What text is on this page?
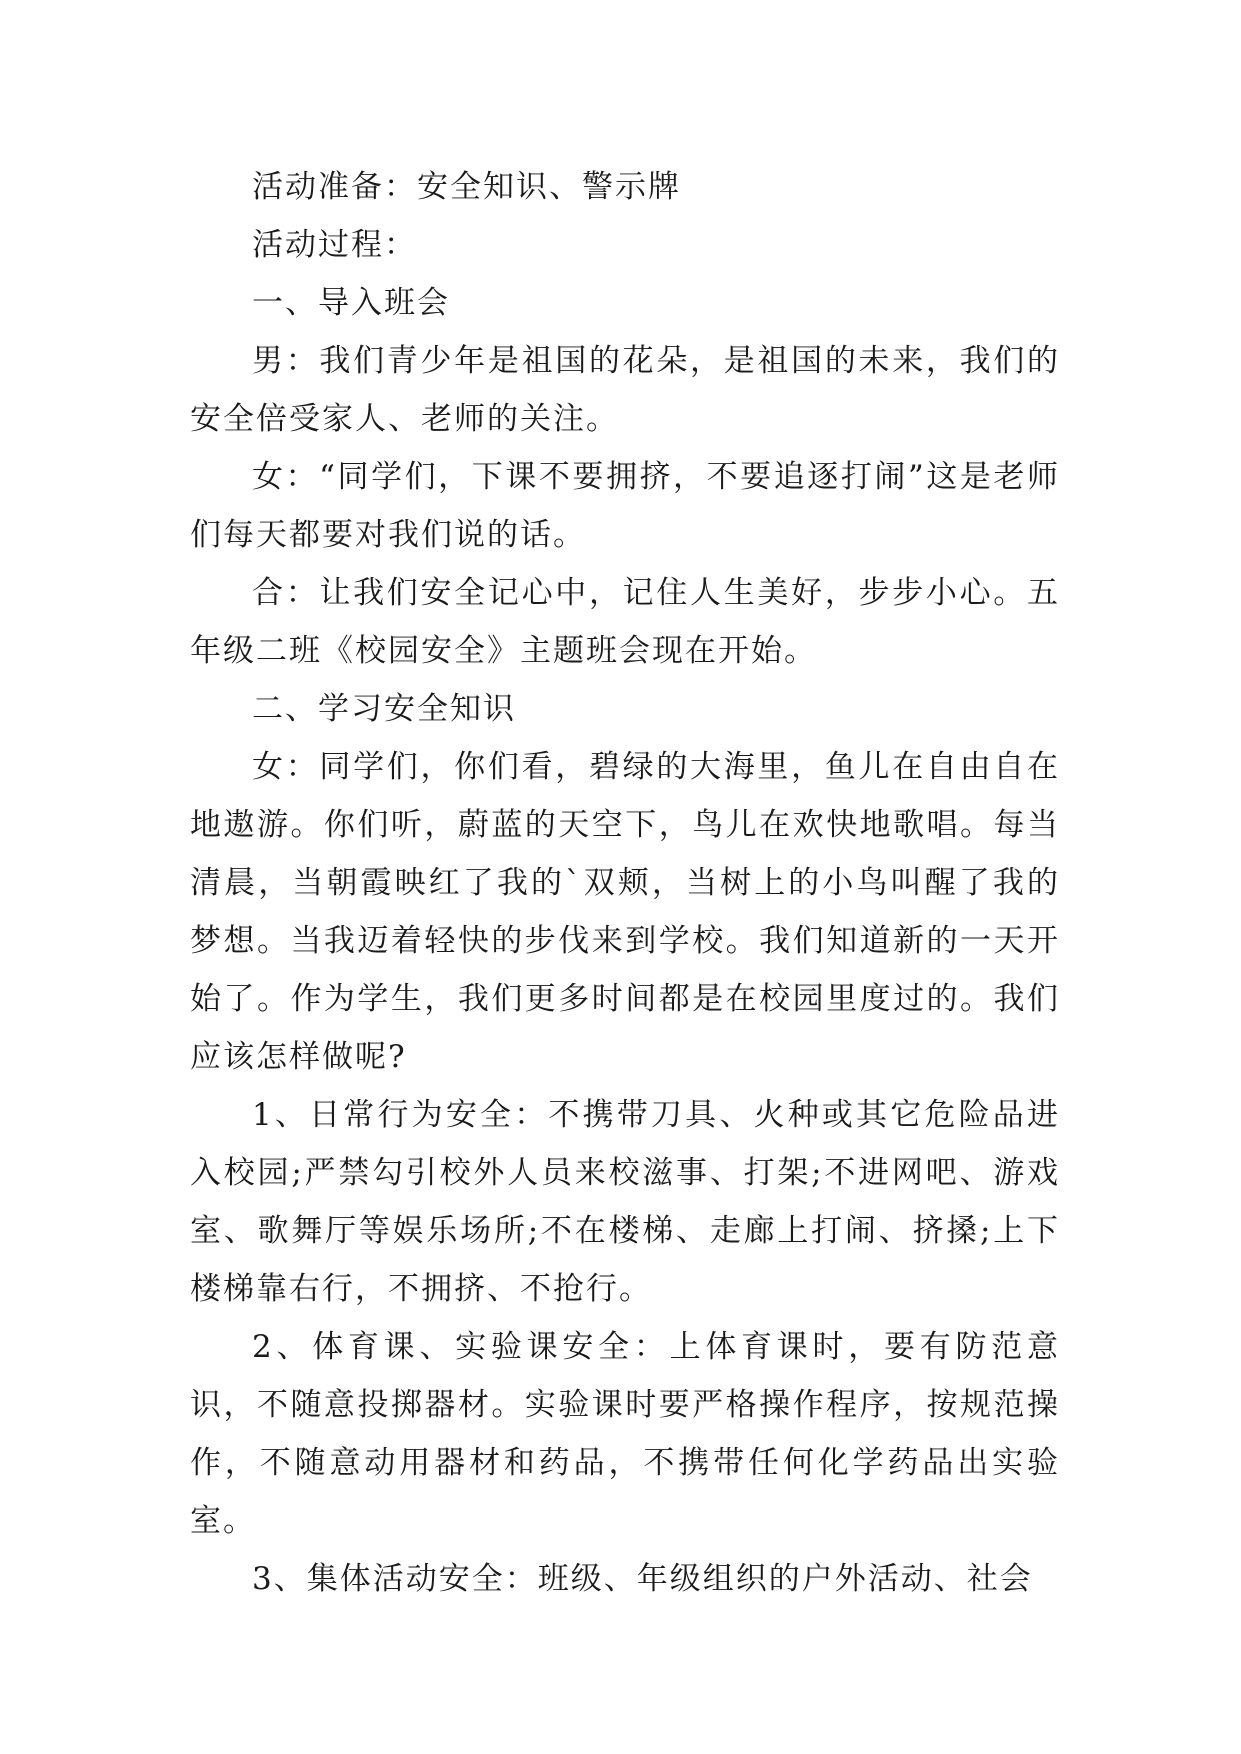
活动准备：安全知识、警示牌

活动过程：

一、导入班会

男：我们青少年是祖国的花朵，是祖国的未来，我们的安全倍受家人、老师的关注。

女：“同学们，下课不要拥挤，不要追逐打闹”这是老师们每天都要对我们说的话。

合：让我们安全记心中，记住人生美好，步步小心。五年级二班《校园安全》主题班会现在开始。

二、学习安全知识

女：同学们，你们看，碧绿的大海里，鱼儿在自由自在地遨游。你们听，蔚蓝的天空下，鸟儿在欢快地歌唱。每当清晨，当朝霞映红了我的`双颊，当树上的小鸟叫醒了我的梦想。当我迈着轻快的步伐来到学校。我们知道新的一天开始了。作为学生，我们更多时间都是在校园里度过的。我们应该怎样做呢?

1、日常行为安全：不携带刀具、火种或其它危险品进入校园;严禁勾引校外人员来校滋事、打架;不进网吧、游戏室、歌舞厅等娱乐场所;不在楼梯、走廊上打闹、挤搡;上下楼梯靠右行，不拥挤、不抢行。

2、体育课、实验课安全：上体育课时，要有防范意识，不随意投掷器材。实验课时要严格操作程序，按规范操作，不随意动用器材和药品，不携带任何化学药品出实验室。

3、集体活动安全：班级、年级组织的户外活动、社会
